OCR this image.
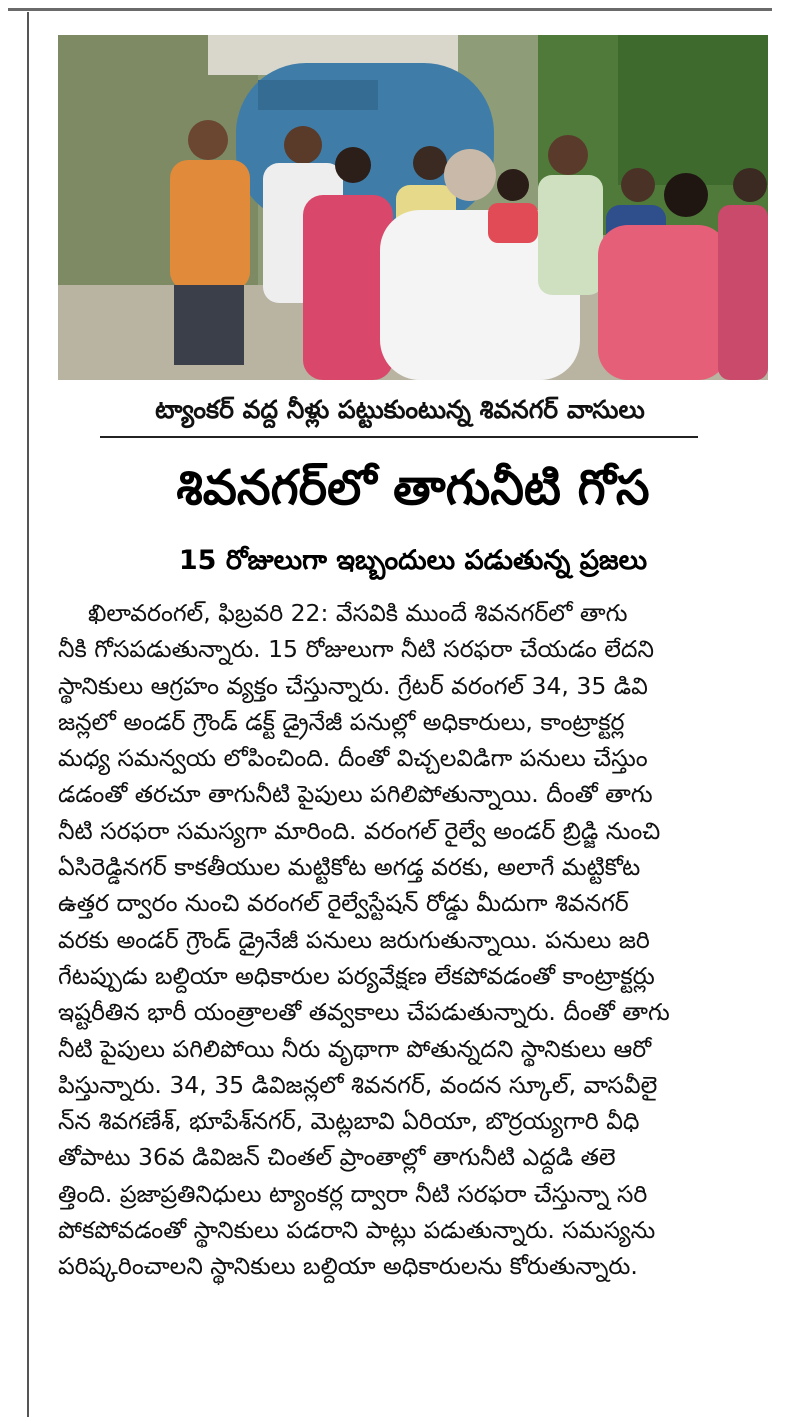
ట్యాంకర్ వద్ద నీళ్లు పట్టుకుంటున్న శివనగర్ వాసులు
శివనగర్‌లో తాగునీటి గోస
15 రోజులుగా ఇబ్బందులు పడుతున్న ప్రజలు
ఖిలావరంగల్, ఫిబ్రవరి 22: వేసవికి ముందే శివనగర్‌లో తాగు
నీకి గోసపడుతున్నారు. 15 రోజులుగా నీటి సరఫరా చేయడం లేదని
స్థానికులు ఆగ్రహం వ్యక్తం చేస్తున్నారు. గ్రేటర్ వరంగల్ 34, 35 డివి
జన్లలో అండర్ గ్రౌండ్ డక్ట్ డ్రైనేజీ పనుల్లో అధికారులు, కాంట్రాక్టర్ల
మధ్య సమన్వయ లోపించింది. దీంతో విచ్చలవిడిగా పనులు చేస్తుం
డడంతో తరచూ తాగునీటి పైపులు పగిలిపోతున్నాయి. దీంతో తాగు
నీటి సరఫరా సమస్యగా మారింది. వరంగల్ రైల్వే అండర్ బ్రిడ్జి నుంచి
ఏసిరెడ్డినగర్ కాకతీయుల మట్టికోట అగడ్త వరకు, అలాగే మట్టికోట
ఉత్తర ద్వారం నుంచి వరంగల్ రైల్వేస్టేషన్ రోడ్డు మీదుగా శివనగర్
వరకు అండర్ గ్రౌండ్ డ్రైనేజీ పనులు జరుగుతున్నాయి. పనులు జరి
గేటప్పుడు బల్దియా అధికారుల పర్యవేక్షణ లేకపోవడంతో కాంట్రాక్టర్లు
ఇష్టరీతిన భారీ యంత్రాలతో తవ్వకాలు చేపడుతున్నారు. దీంతో తాగు
నీటి పైపులు పగిలిపోయి నీరు వృథాగా పోతున్నదని స్థానికులు ఆరో
పిస్తున్నారు. 34, 35 డివిజన్లలో శివనగర్, వందన స్కూల్, వాసవీలై
న్‌న శివగణేశ్, భూపేశ్‌నగర్, మెట్లబావి ఏరియా, బొర్రయ్యగారి వీధి
తోపాటు 36వ డివిజన్ చింతల్ ప్రాంతాల్లో తాగునీటి ఎద్దడి తలె
త్తింది. ప్రజాప్రతినిధులు ట్యాంకర్ల ద్వారా నీటి సరఫరా చేస్తున్నా సరి
పోకపోవడంతో స్థానికులు పడరాని పాట్లు పడుతున్నారు. సమస్యను
పరిష్కరించాలని స్థానికులు బల్దియా అధికారులను కోరుతున్నారు.
